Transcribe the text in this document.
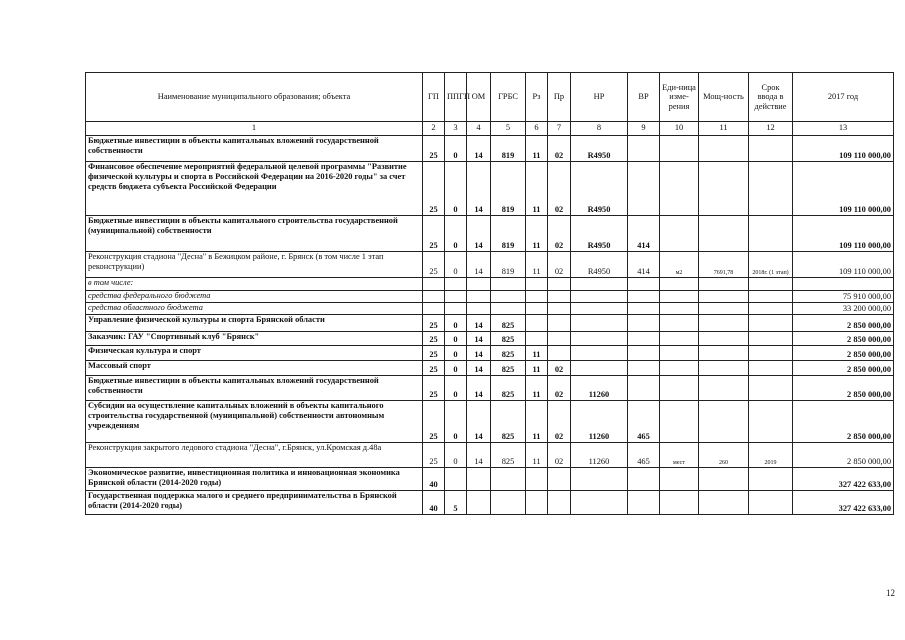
Наименование муниципального образования; объекта	ГП	ППГП	ОМ	ГРБС	Рз	Пр	НР	ВР	Еди-ница изме-рения	Мощ-ность	Срок ввода в действие	2017 год
1	2	3	4	5	6	7	8	9	10	11	12	13
Бюджетные инвестиции в объекты капитальных вложений государственной собственности	25	0	14	819	11	02	R4950					109 110 000,00
Финансовое обеспечение мероприятий федеральной целевой программы "Развитие физической культуры и спорта в Российской Федерации на 2016-2020 годы" за счет средств бюджета субъекта Российской Федерации	25	0	14	819	11	02	R4950					109 110 000,00
Бюджетные инвестиции в объекты капитального строительства государственной (муниципальной) собственности	25	0	14	819	11	02	R4950	414				109 110 000,00
Реконструкция стадиона "Десна" в Бежицком районе, г. Брянск (в том числе 1 этап реконструкции)	25	0	14	819	11	02	R4950	414	м2	7691,78	2018г. (1 этап)	109 110 000,00
в том числе:												
средства федерального бюджета												75 910 000,00
средства областного бюджета												33 200 000,00
Управление физической культуры и спорта Брянской области	25	0	14	825								2 850 000,00
Заказчик: ГАУ "Спортивный клуб "Брянск"	25	0	14	825								2 850 000,00
Физическая культура и спорт	25	0	14	825	11							2 850 000,00
Массовый спорт	25	0	14	825	11	02						2 850 000,00
Бюджетные инвестиции в объекты капитальных вложений государственной собственности	25	0	14	825	11	02	11260					2 850 000,00
Субсидии на осуществление капитальных вложений в объекты капитального строительства государственной (муниципальной) собственности автономным учреждениям	25	0	14	825	11	02	11260	465				2 850 000,00
Реконструкция закрытого ледового стадиона "Десна", г.Брянск, ул.Кромская д.48а	25	0	14	825	11	02	11260	465	мест	260	2019	2 850 000,00
Экономическое развитие, инвестиционная политика и инновационная экономика Брянской области (2014-2020 годы)	40											327 422 633,00
Государственная поддержка малого и среднего предпринимательства в Брянской области (2014-2020 годы)	40	5										327 422 633,00
12
